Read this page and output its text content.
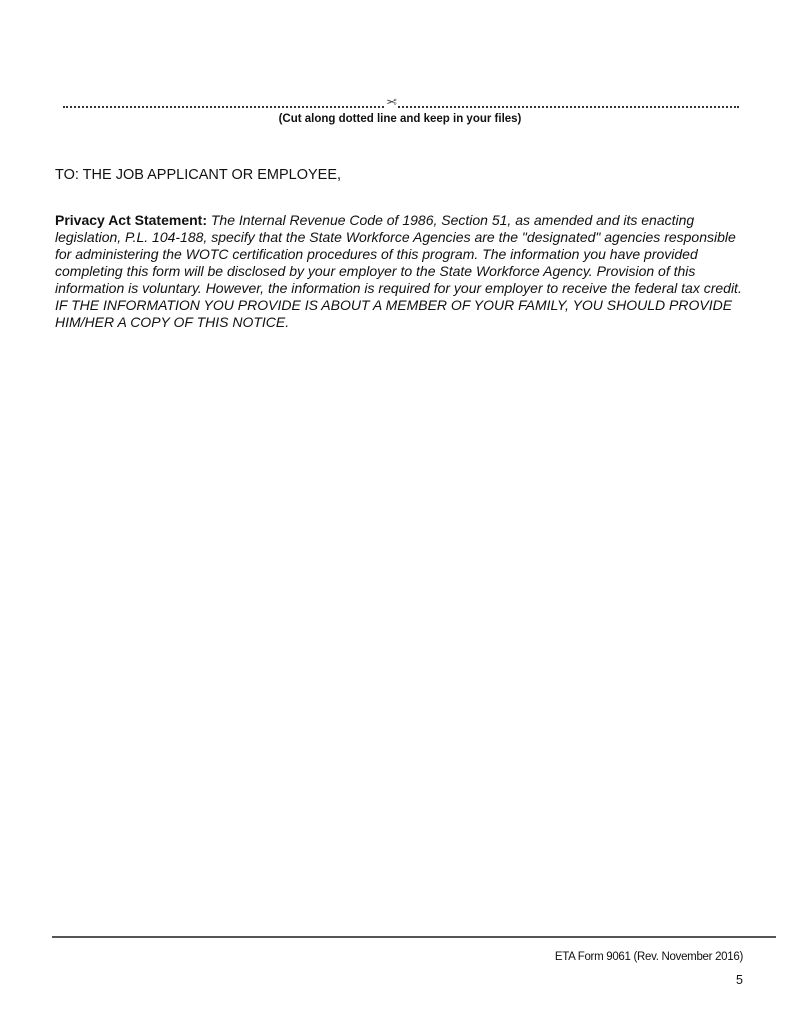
✂
(Cut along dotted line and keep in your files)
TO: THE JOB APPLICANT OR EMPLOYEE,

Privacy Act Statement: The Internal Revenue Code of 1986, Section 51, as amended and its enacting legislation, P.L. 104-188, specify that the State Workforce Agencies are the "designated" agencies responsible for administering the WOTC certification procedures of this program. The information you have provided completing this form will be disclosed by your employer to the State Workforce Agency. Provision of this information is voluntary. However, the information is required for your employer to receive the federal tax credit. IF THE INFORMATION YOU PROVIDE IS ABOUT A MEMBER OF YOUR FAMILY, YOU SHOULD PROVIDE HIM/HER A COPY OF THIS NOTICE.

ETA Form 9061 (Rev. November 2016)
5
